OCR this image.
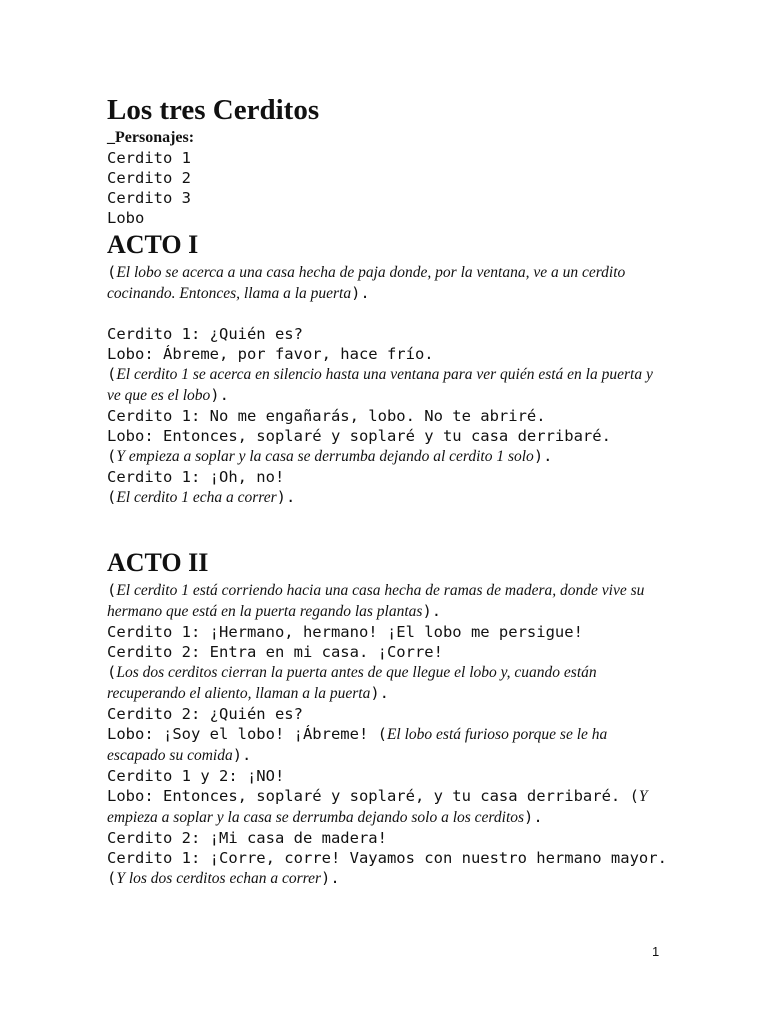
Los tres Cerditos
_Personajes:
Cerdito 1
Cerdito 2
Cerdito 3
Lobo
ACTO I
(El lobo se acerca a una casa hecha de paja donde, por la ventana, ve a un cerdito cocinando. Entonces, llama a la puerta).
Cerdito 1: ¿Quién es?
Lobo: Ábreme, por favor, hace frío.
(El cerdito 1 se acerca en silencio hasta una ventana para ver quién está en la puerta y ve que es el lobo).
Cerdito 1: No me engañarás, lobo. No te abriré.
Lobo: Entonces, soplaré y soplaré y tu casa derribaré.
(Y empieza a soplar y la casa se derrumba dejando al cerdito 1 solo).
Cerdito 1: ¡Oh, no!
(El cerdito 1 echa a correr).
ACTO II
(El cerdito 1 está corriendo hacia una casa hecha de ramas de madera, donde vive su hermano que está en la puerta regando las plantas).
Cerdito 1: ¡Hermano, hermano! ¡El lobo me persigue!
Cerdito 2: Entra en mi casa. ¡Corre!
(Los dos cerditos cierran la puerta antes de que llegue el lobo y, cuando están recuperando el aliento, llaman a la puerta).
Cerdito 2: ¿Quién es?
Lobo: ¡Soy el lobo! ¡Ábreme! (El lobo está furioso porque se le ha escapado su comida).
Cerdito 1 y 2: ¡NO!
Lobo: Entonces, soplaré y soplaré, y tu casa derribaré. (Y empieza a soplar y la casa se derrumba dejando solo a los cerditos).
Cerdito 2: ¡Mi casa de madera!
Cerdito 1: ¡Corre, corre! Vayamos con nuestro hermano mayor.
(Y los dos cerditos echan a correr).
1
